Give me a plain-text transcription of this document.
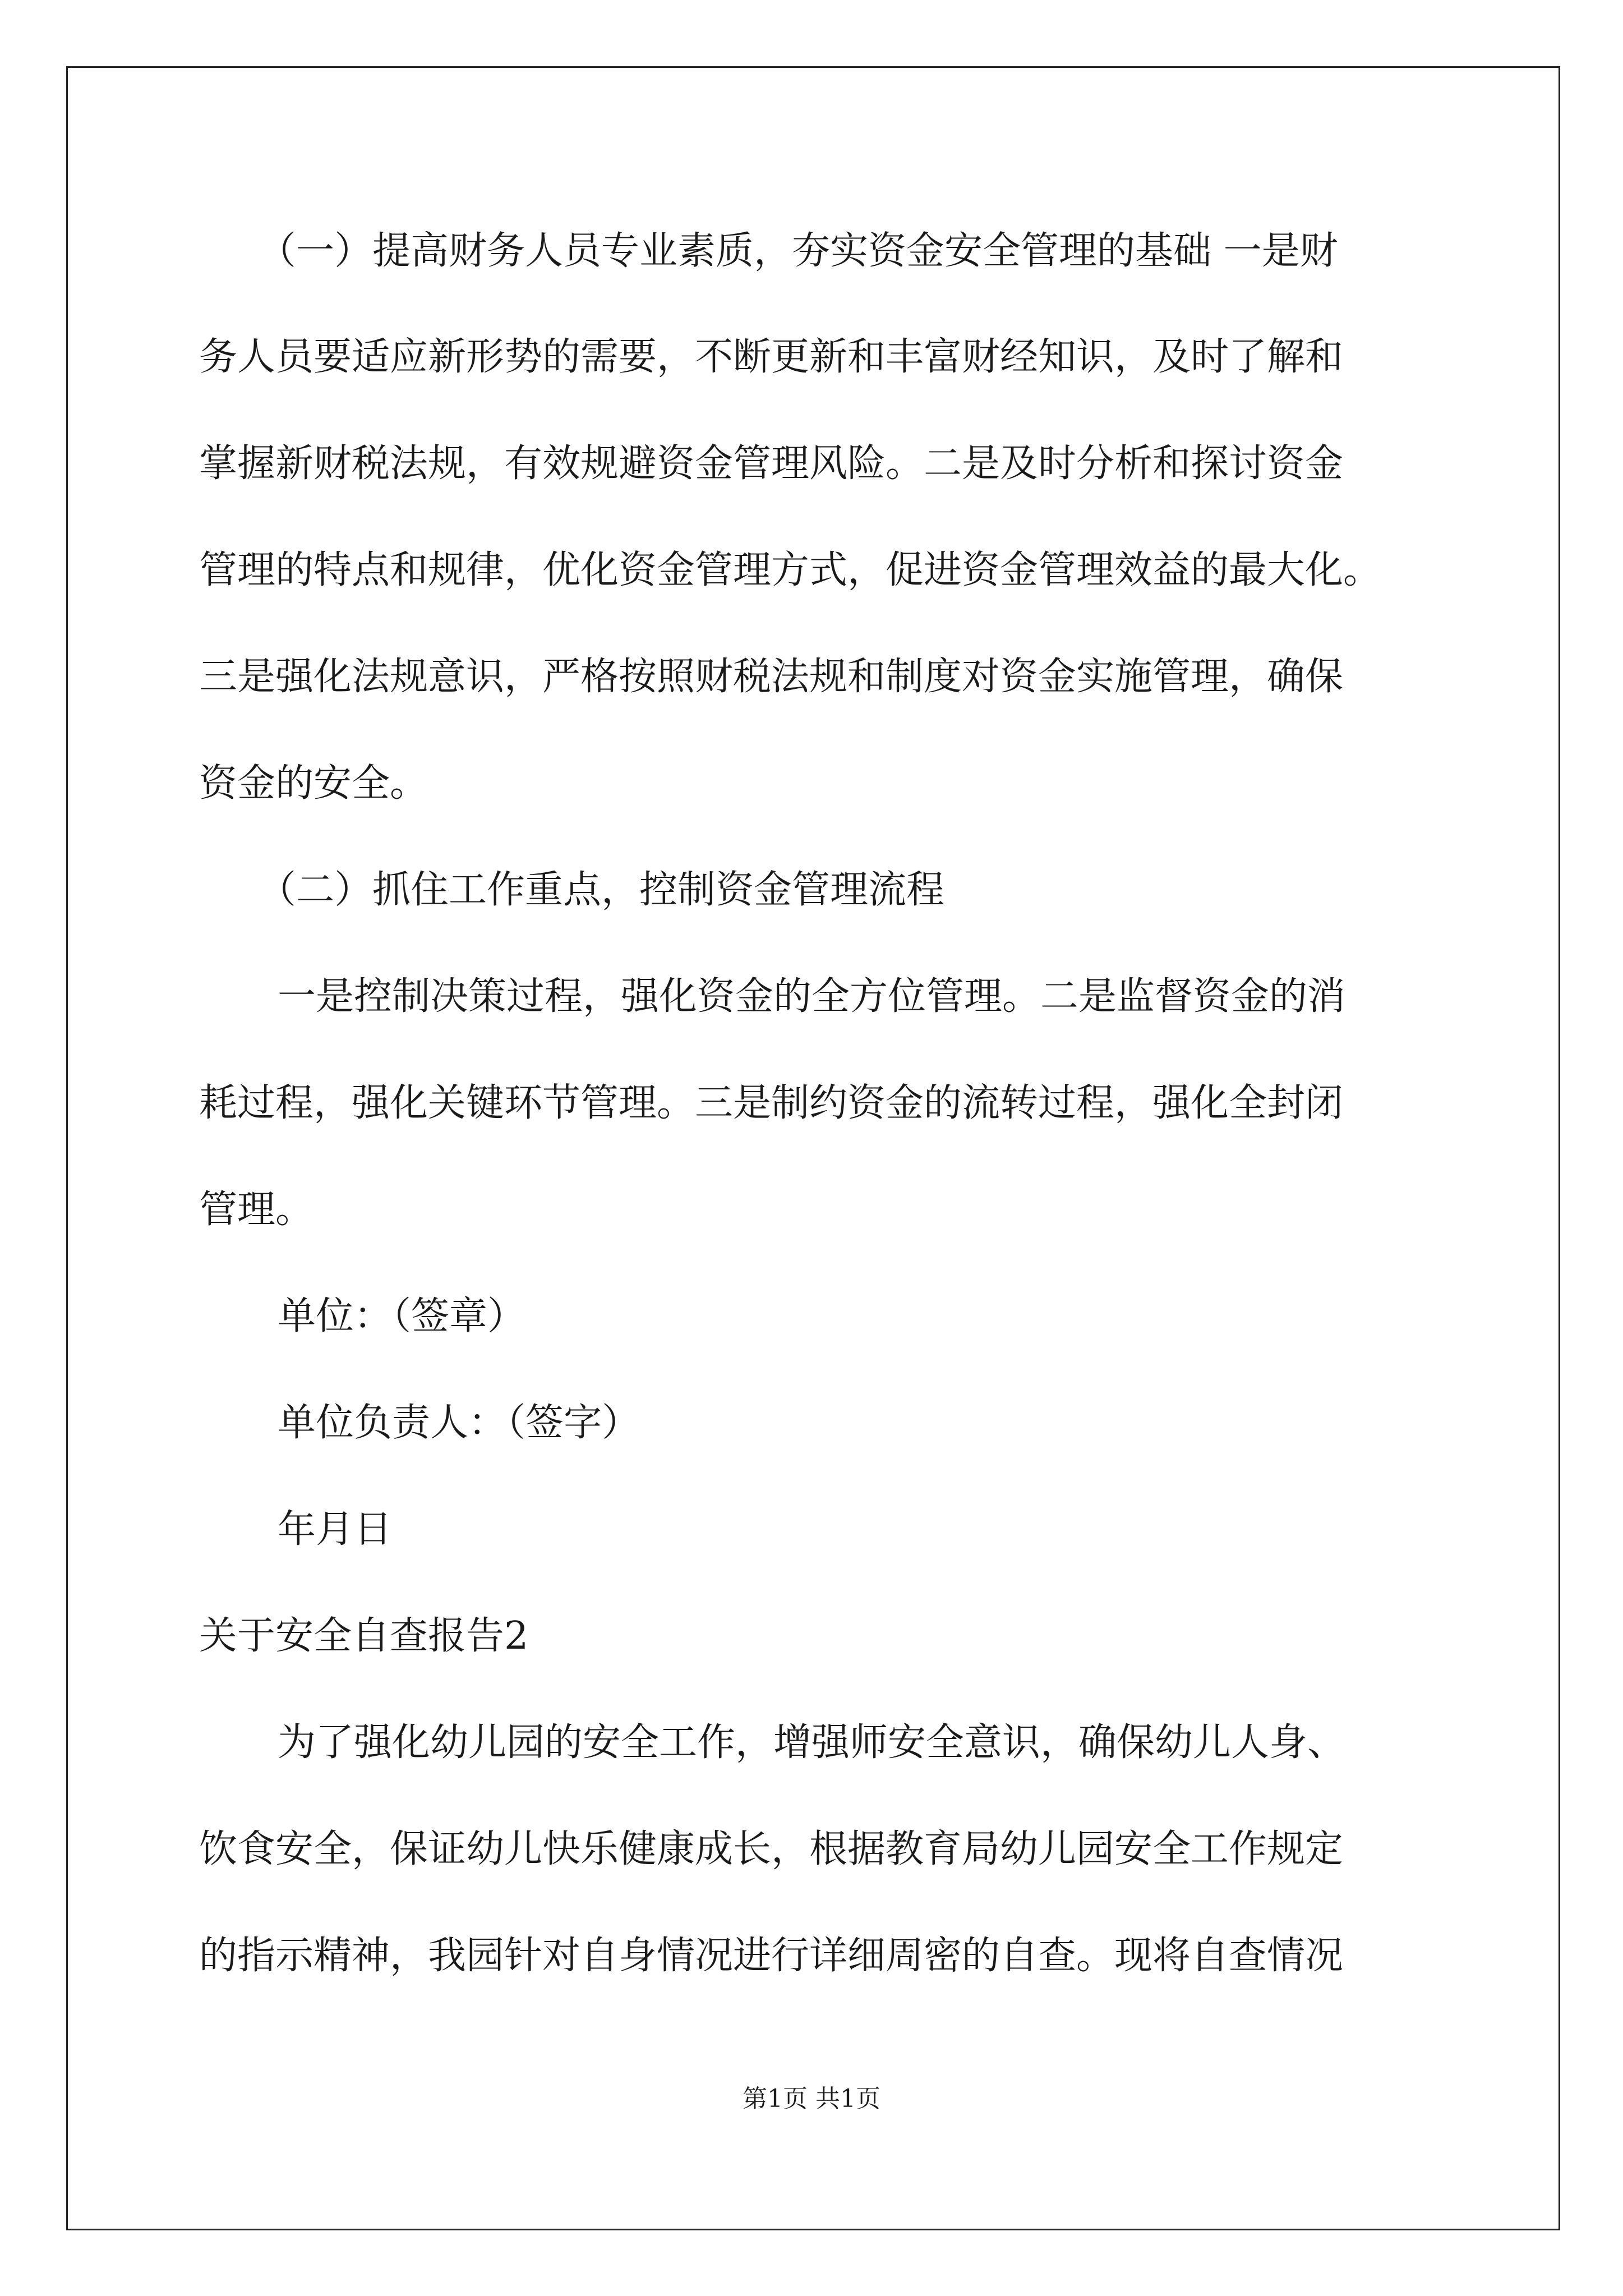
（一）提高财务人员专业素质，夯实资金安全管理的基础 一是财
务人员要适应新形势的需要，不断更新和丰富财经知识，及时了解和
掌握新财税法规，有效规避资金管理风险。二是及时分析和探讨资金
管理的特点和规律，优化资金管理方式，促进资金管理效益的最大化。
三是强化法规意识，严格按照财税法规和制度对资金实施管理，确保
资金的安全。
（二）抓住工作重点，控制资金管理流程
一是控制决策过程，强化资金的全方位管理。二是监督资金的消
耗过程，强化关键环节管理。三是制约资金的流转过程，强化全封闭
管理。
单位：（签章）
单位负责人：（签字）
年月日
关于安全自查报告2
为了强化幼儿园的安全工作，增强师安全意识，确保幼儿人身、
饮食安全，保证幼儿快乐健康成长，根据教育局幼儿园安全工作规定
的指示精神，我园针对自身情况进行详细周密的自查。现将自查情况
第1页 共1页
